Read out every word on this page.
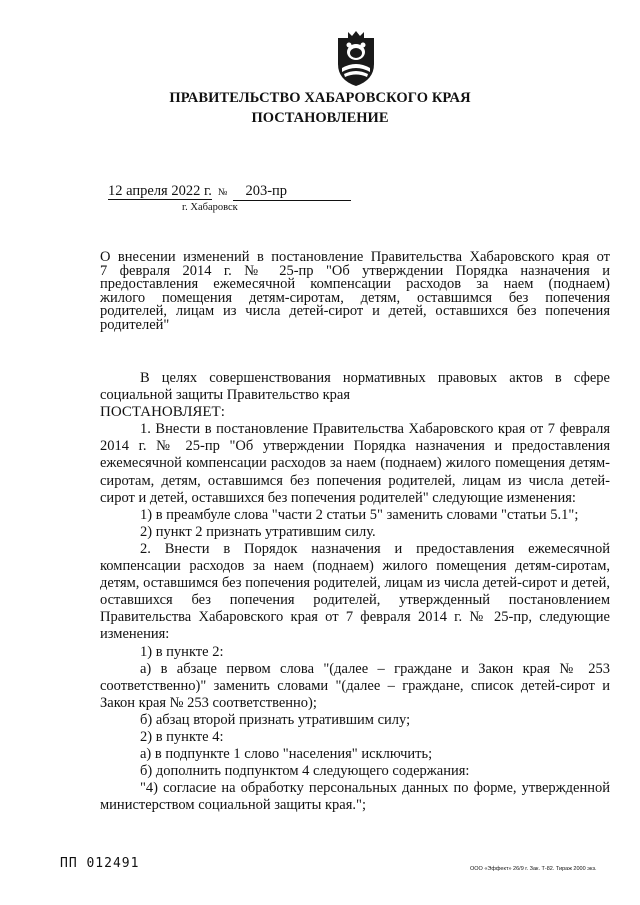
ПРАВИТЕЛЬСТВО ХАБАРОВСКОГО КРАЯ
ПОСТАНОВЛЕНИЕ
12 апреля 2022 г. № 203-пр
г. Хабаровск
О внесении изменений в постановление Правительства Хабаровского края от
7 февраля 2014 г. № 25-пр "Об утверждении Порядка назначения и
предоставления ежемесячной компенсации расходов за наем (поднаем)
жилого помещения детям-сиротам, детям, оставшимся без попечения
родителей, лицам из числа детей-сирот и детей, оставшихся без попечения
родителей"

В целях совершенствования нормативных правовых актов в сфере социальной защиты Правительство края

ПОСТАНОВЛЯЕТ:

1. Внести в постановление Правительства Хабаровского края от 7 февраля 2014 г. № 25-пр "Об утверждении Порядка назначения и предоставления ежемесячной компенсации расходов за наем (поднаем) жилого помещения детям-сиротам, детям, оставшимся без попечения родителей, лицам из числа детей-сирот и детей, оставшихся без попечения родителей" следующие изменения:

1) в преамбуле слова "части 2 статьи 5" заменить словами "статьи 5.1";

2) пункт 2 признать утратившим силу.

2. Внести в Порядок назначения и предоставления ежемесячной компенсации расходов за наем (поднаем) жилого помещения детям-сиротам, детям, оставшимся без попечения родителей, лицам из числа детей-сирот и детей, оставшихся без попечения родителей, утвержденный постановлением Правительства Хабаровского края от 7 февраля 2014 г. № 25-пр, следующие изменения:

1) в пункте 2:

а) в абзаце первом слова "(далее – граждане и Закон края № 253 соответственно)" заменить словами "(далее – граждане, список детей-сирот и Закон края № 253 соответственно);

б) абзац второй признать утратившим силу;

2) в пункте 4:

а) в подпункте 1 слово "населения" исключить;

б) дополнить подпунктом 4 следующего содержания:

"4) согласие на обработку персональных данных по форме, утвержденной министерством социальной защиты края.";

ПП 012491	ООО «Эффект» 26/9 г. Зак. Т-82. Тираж 2000 экз.
